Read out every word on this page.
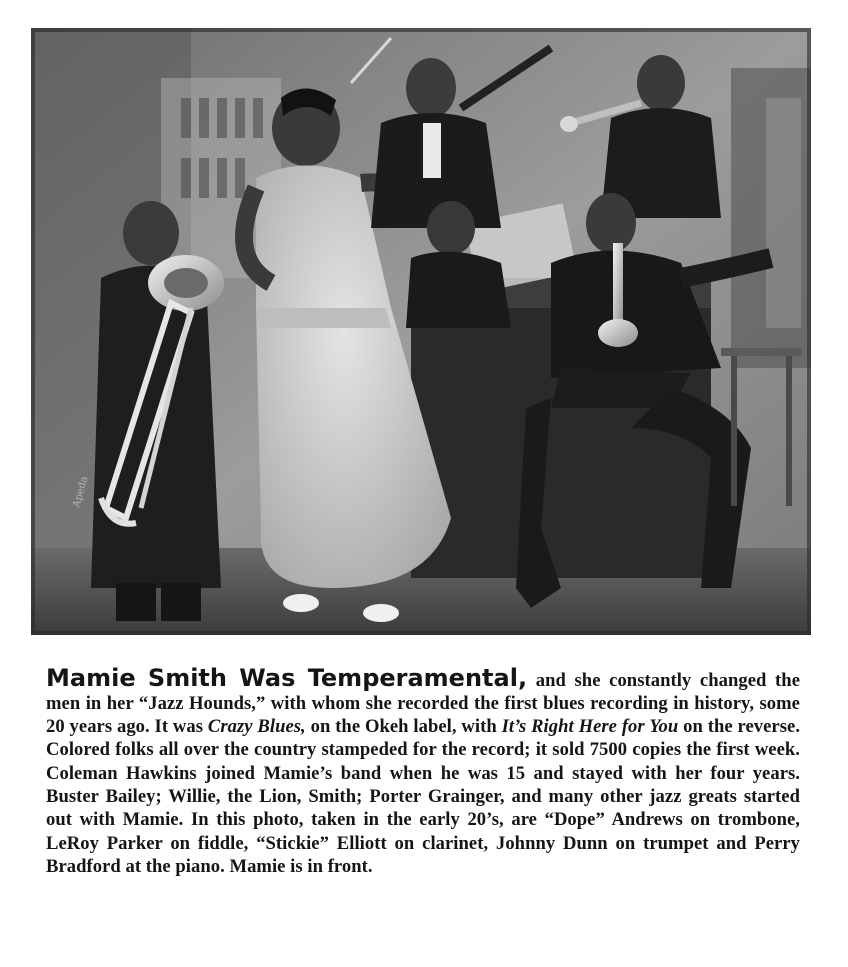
Apeda

Mamie Smith Was Temperamental, and she constantly changed the men in her “Jazz Hounds,” with whom she recorded the first blues recording in history, some 20 years ago. It was Crazy Blues, on the Okeh label, with It’s Right Here for You on the reverse. Colored folks all over the country stampeded for the record; it sold 7500 copies the first week. Coleman Hawkins joined Mamie’s band when he was 15 and stayed with her four years. Buster Bailey; Willie, the Lion, Smith; Porter Grainger, and many other jazz greats started out with Mamie. In this photo, taken in the early 20’s, are “Dope” Andrews on trombone, LeRoy Parker on fiddle, “Stickie” Elliott on clarinet, Johnny Dunn on trumpet and Perry Bradford at the piano. Mamie is in front.
